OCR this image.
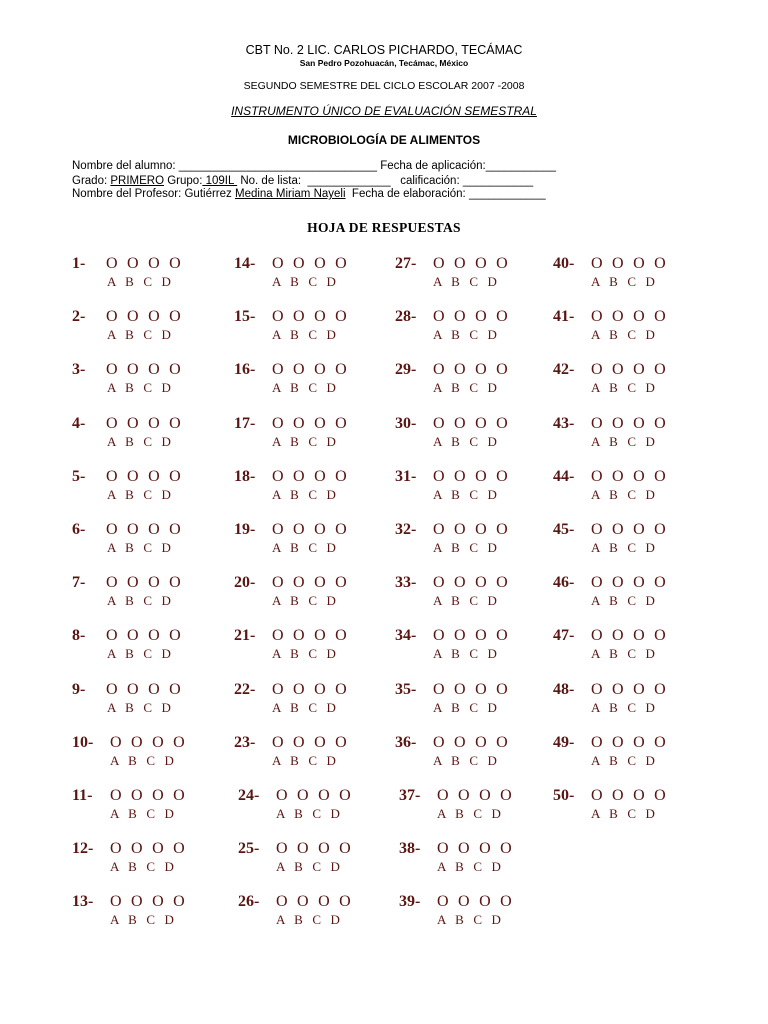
CBT No. 2 LIC. CARLOS PICHARDO, TECÁMAC
San Pedro Pozohuacán, Tecámac, México
SEGUNDO SEMESTRE DEL CICLO ESCOLAR 2007 -2008
INSTRUMENTO ÚNICO DE EVALUACIÓN SEMESTRAL
MICROBIOLOGÍA DE ALIMENTOS
Nombre del alumno: _______________________________ Fecha de aplicación:___________
Grado: PRIMERO Grupo: 109IL  No. de lista:  _____________   calificación: ___________
Nombre del Profesor: Gutiérrez Medina Miriam Nayeli  Fecha de elaboración: ____________
HOJA DE RESPUESTAS
1- O  O  O  O
A  B  C  D
2- O  O  O  O
A  B  C  D
3- O  O  O  O
A  B  C  D
4- O  O  O  O
A  B  C  D
5- O  O  O  O
A  B  C  D
6- O  O  O  O
A  B  C  D
7- O  O  O  O
A  B  C  D
8- O  O  O  O
A  B  C  D
9- O  O  O  O
A  B  C  D
10- O  O  O  O
A  B  C  D
11- O  O  O  O
A  B  C  D
12- O  O  O  O
A  B  C  D
13- O  O  O  O
A  B  C  D
14- O  O  O  O
A  B  C  D
15- O  O  O  O
A  B  C  D
16- O  O  O  O
A  B  C  D
17- O  O  O  O
A  B  C  D
18- O  O  O  O
A  B  C  D
19- O  O  O  O
A  B  C  D
20- O  O  O  O
A  B  C  D
21- O  O  O  O
A  B  C  D
22- O  O  O  O
A  B  C  D
23- O  O  O  O
A  B  C  D
24- O  O  O  O
A  B  C  D
25- O  O  O  O
A  B  C  D
26- O  O  O  O
A  B  C  D
27- O  O  O  O
A  B  C  D
28- O  O  O  O
A  B  C  D
29- O  O  O  O
A  B  C  D
30- O  O  O  O
A  B  C  D
31- O  O  O  O
A  B  C  D
32- O  O  O  O
A  B  C  D
33- O  O  O  O
A  B  C  D
34- O  O  O  O
A  B  C  D
35- O  O  O  O
A  B  C  D
36- O  O  O  O
A  B  C  D
37- O  O  O  O
A  B  C  D
38- O  O  O  O
A  B  C  D
39- O  O  O  O
A  B  C  D
40- O  O  O  O
A  B  C  D
41- O  O  O  O
A  B  C  D
42- O  O  O  O
A  B  C  D
43- O  O  O  O
A  B  C  D
44- O  O  O  O
A  B  C  D
45- O  O  O  O
A  B  C  D
46- O  O  O  O
A  B  C  D
47- O  O  O  O
A  B  C  D
48- O  O  O  O
A  B  C  D
49- O  O  O  O
A  B  C  D
50- O  O  O  O
A  B  C  D
